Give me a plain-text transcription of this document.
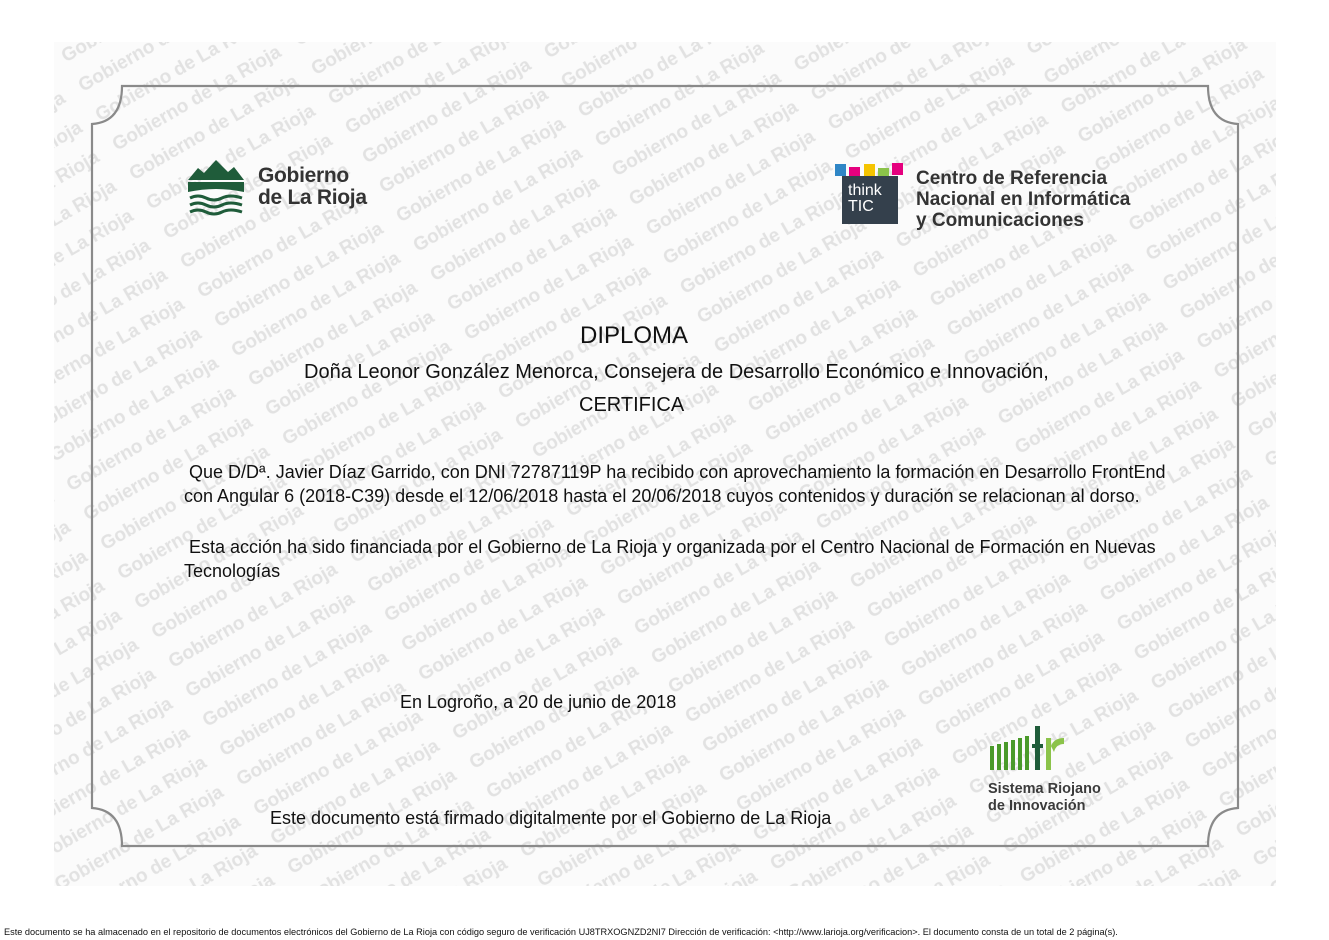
Gobierno
de La Rioja	think
TIC
Centro de Referencia
Nacional en Informática
y Comunicaciones
DIPLOMA
Doña Leonor González Menorca, Consejera de Desarrollo Económico e Innovación,
CERTIFICA
Que D/Dª. Javier Díaz Garrido, con DNI 72787119P ha recibido con aprovechamiento la formación en Desarrollo FrontEnd con Angular 6 (2018-C39) desde el 12/06/2018 hasta el 20/06/2018 cuyos contenidos y duración se relacionan al dorso.
Esta acción ha sido financiada por el Gobierno de La Rioja y organizada por el Centro Nacional de Formación en Nuevas Tecnologías
En Logroño, a 20 de junio de 2018
Este documento está firmado digitalmente por el Gobierno de La Rioja
Sistema Riojano
de Innovación
Este documento se ha almacenado en el repositorio de documentos electrónicos del Gobierno de La Rioja con código seguro de verificación UJ8TRXOGNZD2NI7 Dirección de verificación: <http://www.larioja.org/verificacion>. El documento consta de un total de 2 página(s).
